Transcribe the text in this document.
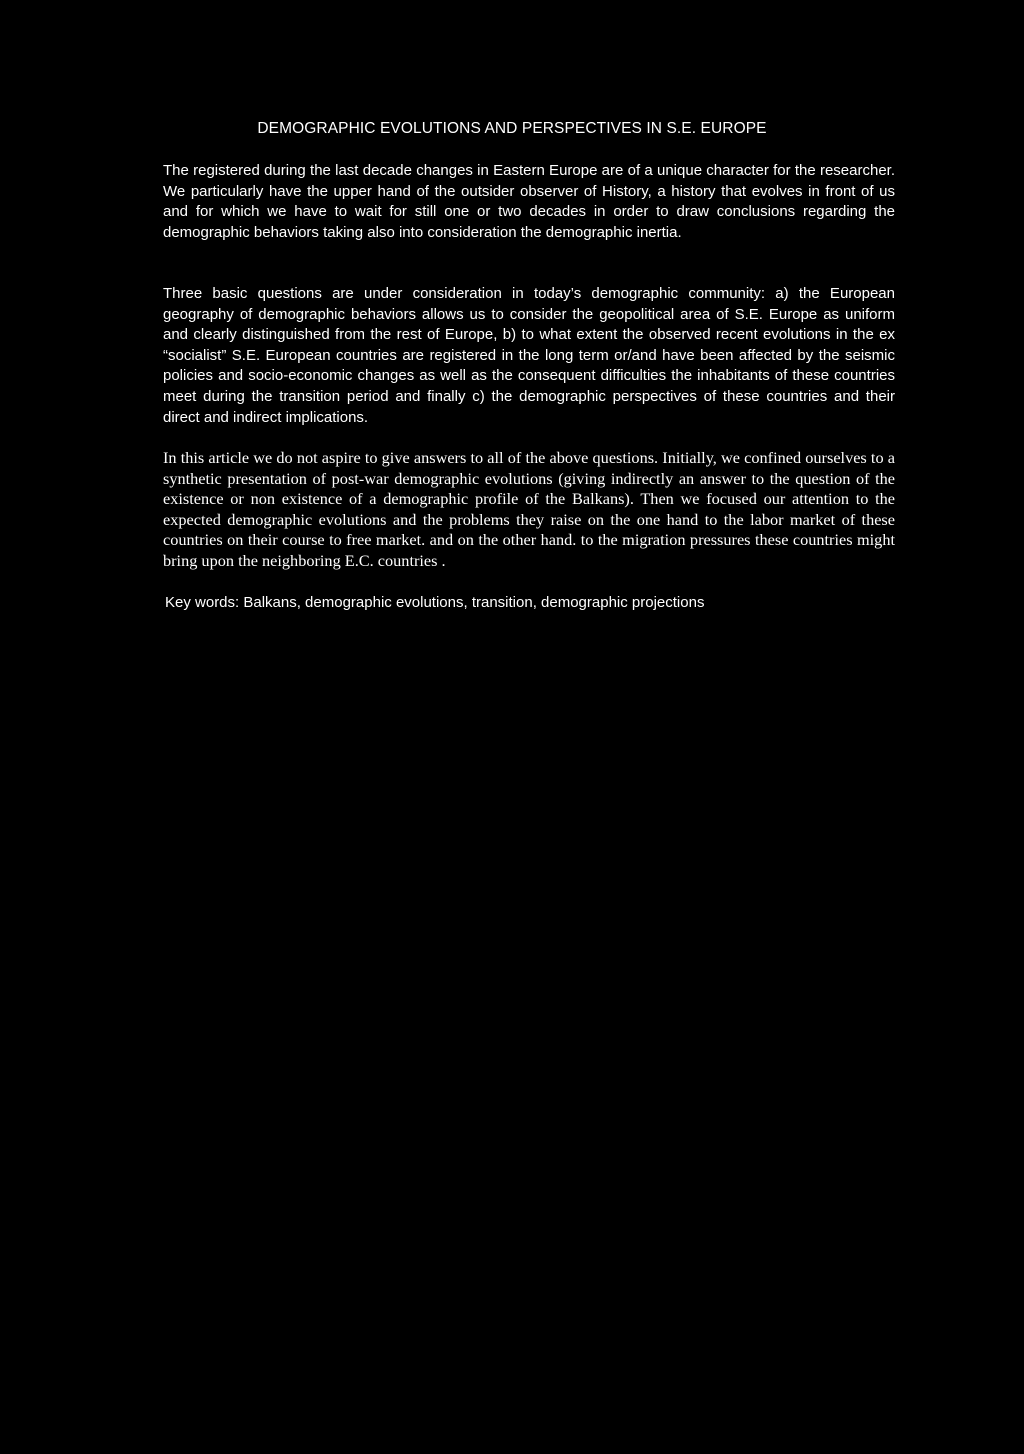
DEMOGRAPHIC EVOLUTIONS AND PERSPECTIVES IN S.E. EUROPE

The registered during the last decade changes in Eastern Europe are of a unique character for the researcher. We particularly have the upper hand of the outsider observer of History, a history that evolves in front of us and for which we have to wait for still one or two decades in order to draw conclusions regarding the demographic behaviors taking also into consideration the demographic inertia.

Three basic questions are under consideration in today’s demographic community: a) the European geography of demographic behaviors allows us to consider the geopolitical area of S.E. Europe as uniform and clearly distinguished from the rest of Europe, b) to what extent the observed recent evolutions in the ex “socialist” S.E. European countries are registered in the long term or/and have been affected by the seismic policies and socio-economic changes as well as the consequent difficulties the inhabitants of these countries meet during the transition period and finally c) the demographic perspectives of these countries and their direct and indirect implications.

In this article we do not aspire to give answers to all of the above questions. Initially, we confined ourselves to a synthetic presentation of post-war demographic evolutions (giving indirectly an answer to the question of the existence or non existence of a demographic profile of the Balkans). Then we focused our attention to the expected demographic evolutions and the problems they raise on the one hand to the labor market of these countries on their course to free market. and on the other hand. to the migration pressures these countries might bring upon the neighboring E.C. countries .

Key words: Balkans, demographic evolutions, transition, demographic projections
